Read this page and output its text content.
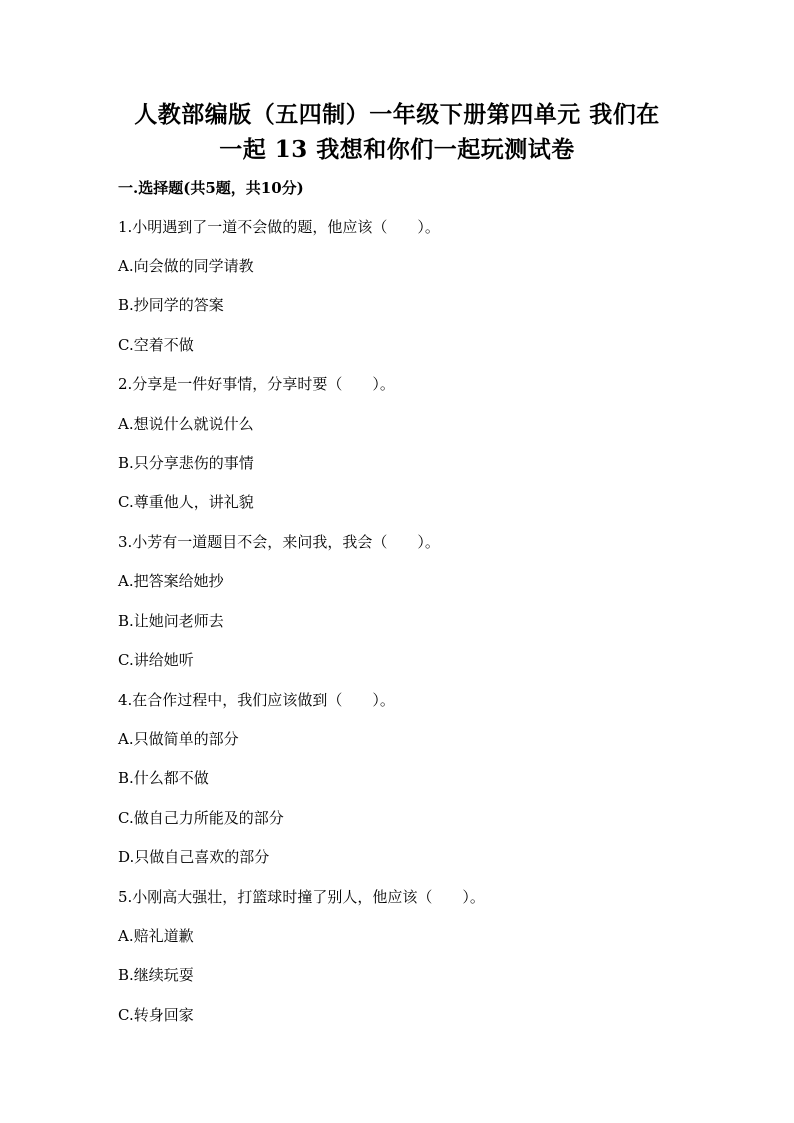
人教部编版（五四制）一年级下册第四单元 我们在
一起 13 我想和你们一起玩测试卷
一.选择题(共5题，共10分)
1.小明遇到了一道不会做的题，他应该（　　）。
A.向会做的同学请教
B.抄同学的答案
C.空着不做
2.分享是一件好事情，分享时要（　　）。
A.想说什么就说什么
B.只分享悲伤的事情
C.尊重他人，讲礼貌
3.小芳有一道题目不会，来问我，我会（　　）。
A.把答案给她抄
B.让她问老师去
C.讲给她听
4.在合作过程中，我们应该做到（　　）。
A.只做简单的部分
B.什么都不做
C.做自己力所能及的部分
D.只做自己喜欢的部分
5.小刚高大强壮，打篮球时撞了别人，他应该（　　）。
A.赔礼道歉
B.继续玩耍
C.转身回家
